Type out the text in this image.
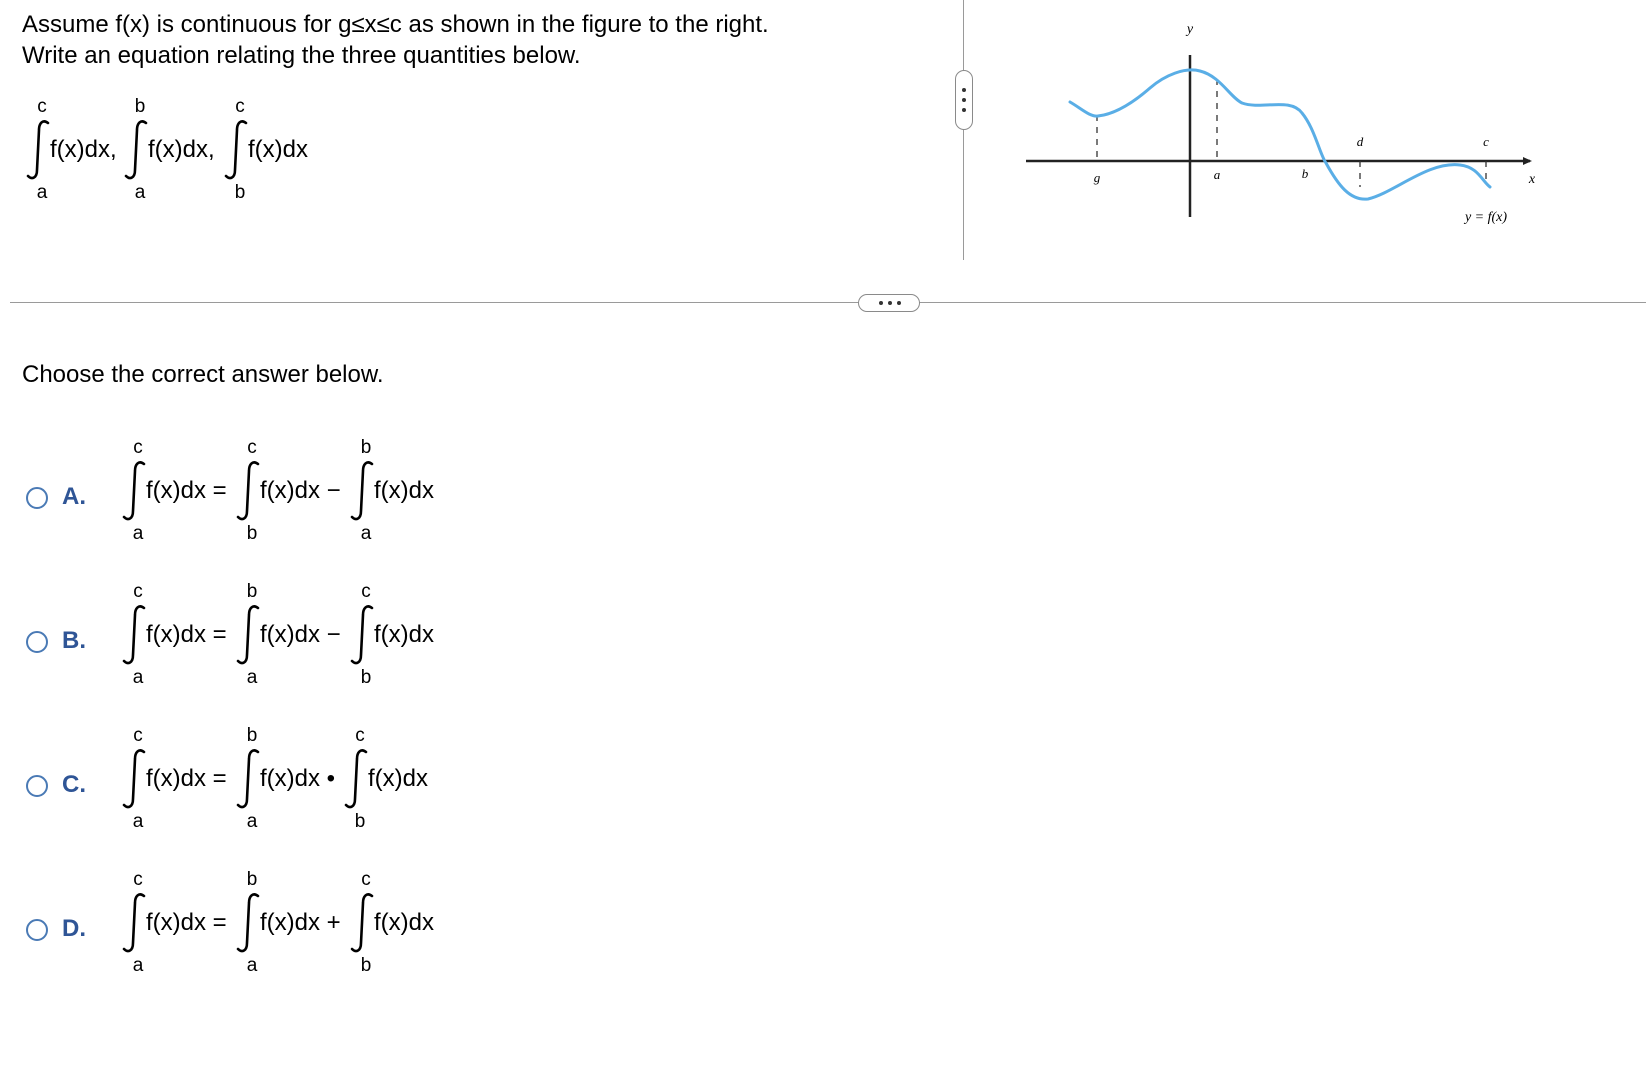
Assume f(x) is continuous for g≤x≤c as shown in the figure to the right.
Write an equation relating the three quantities below.
c
f(x)dx,
a
b
f(x)dx,
a
c
f(x)dx
b
y
x
g	a	b
d	c
y = f(x)
Choose the correct answer below.
A.
c
f(x)dx =
a
c
f(x)dx −
b
b
f(x)dx
a
B.
c
f(x)dx =
a
b
f(x)dx −
a
c
f(x)dx
b
C.
c
f(x)dx =
a
b
f(x)dx •
a
c
f(x)dx
b
D.
c
f(x)dx =
a
b
f(x)dx +
a
c
f(x)dx
b
